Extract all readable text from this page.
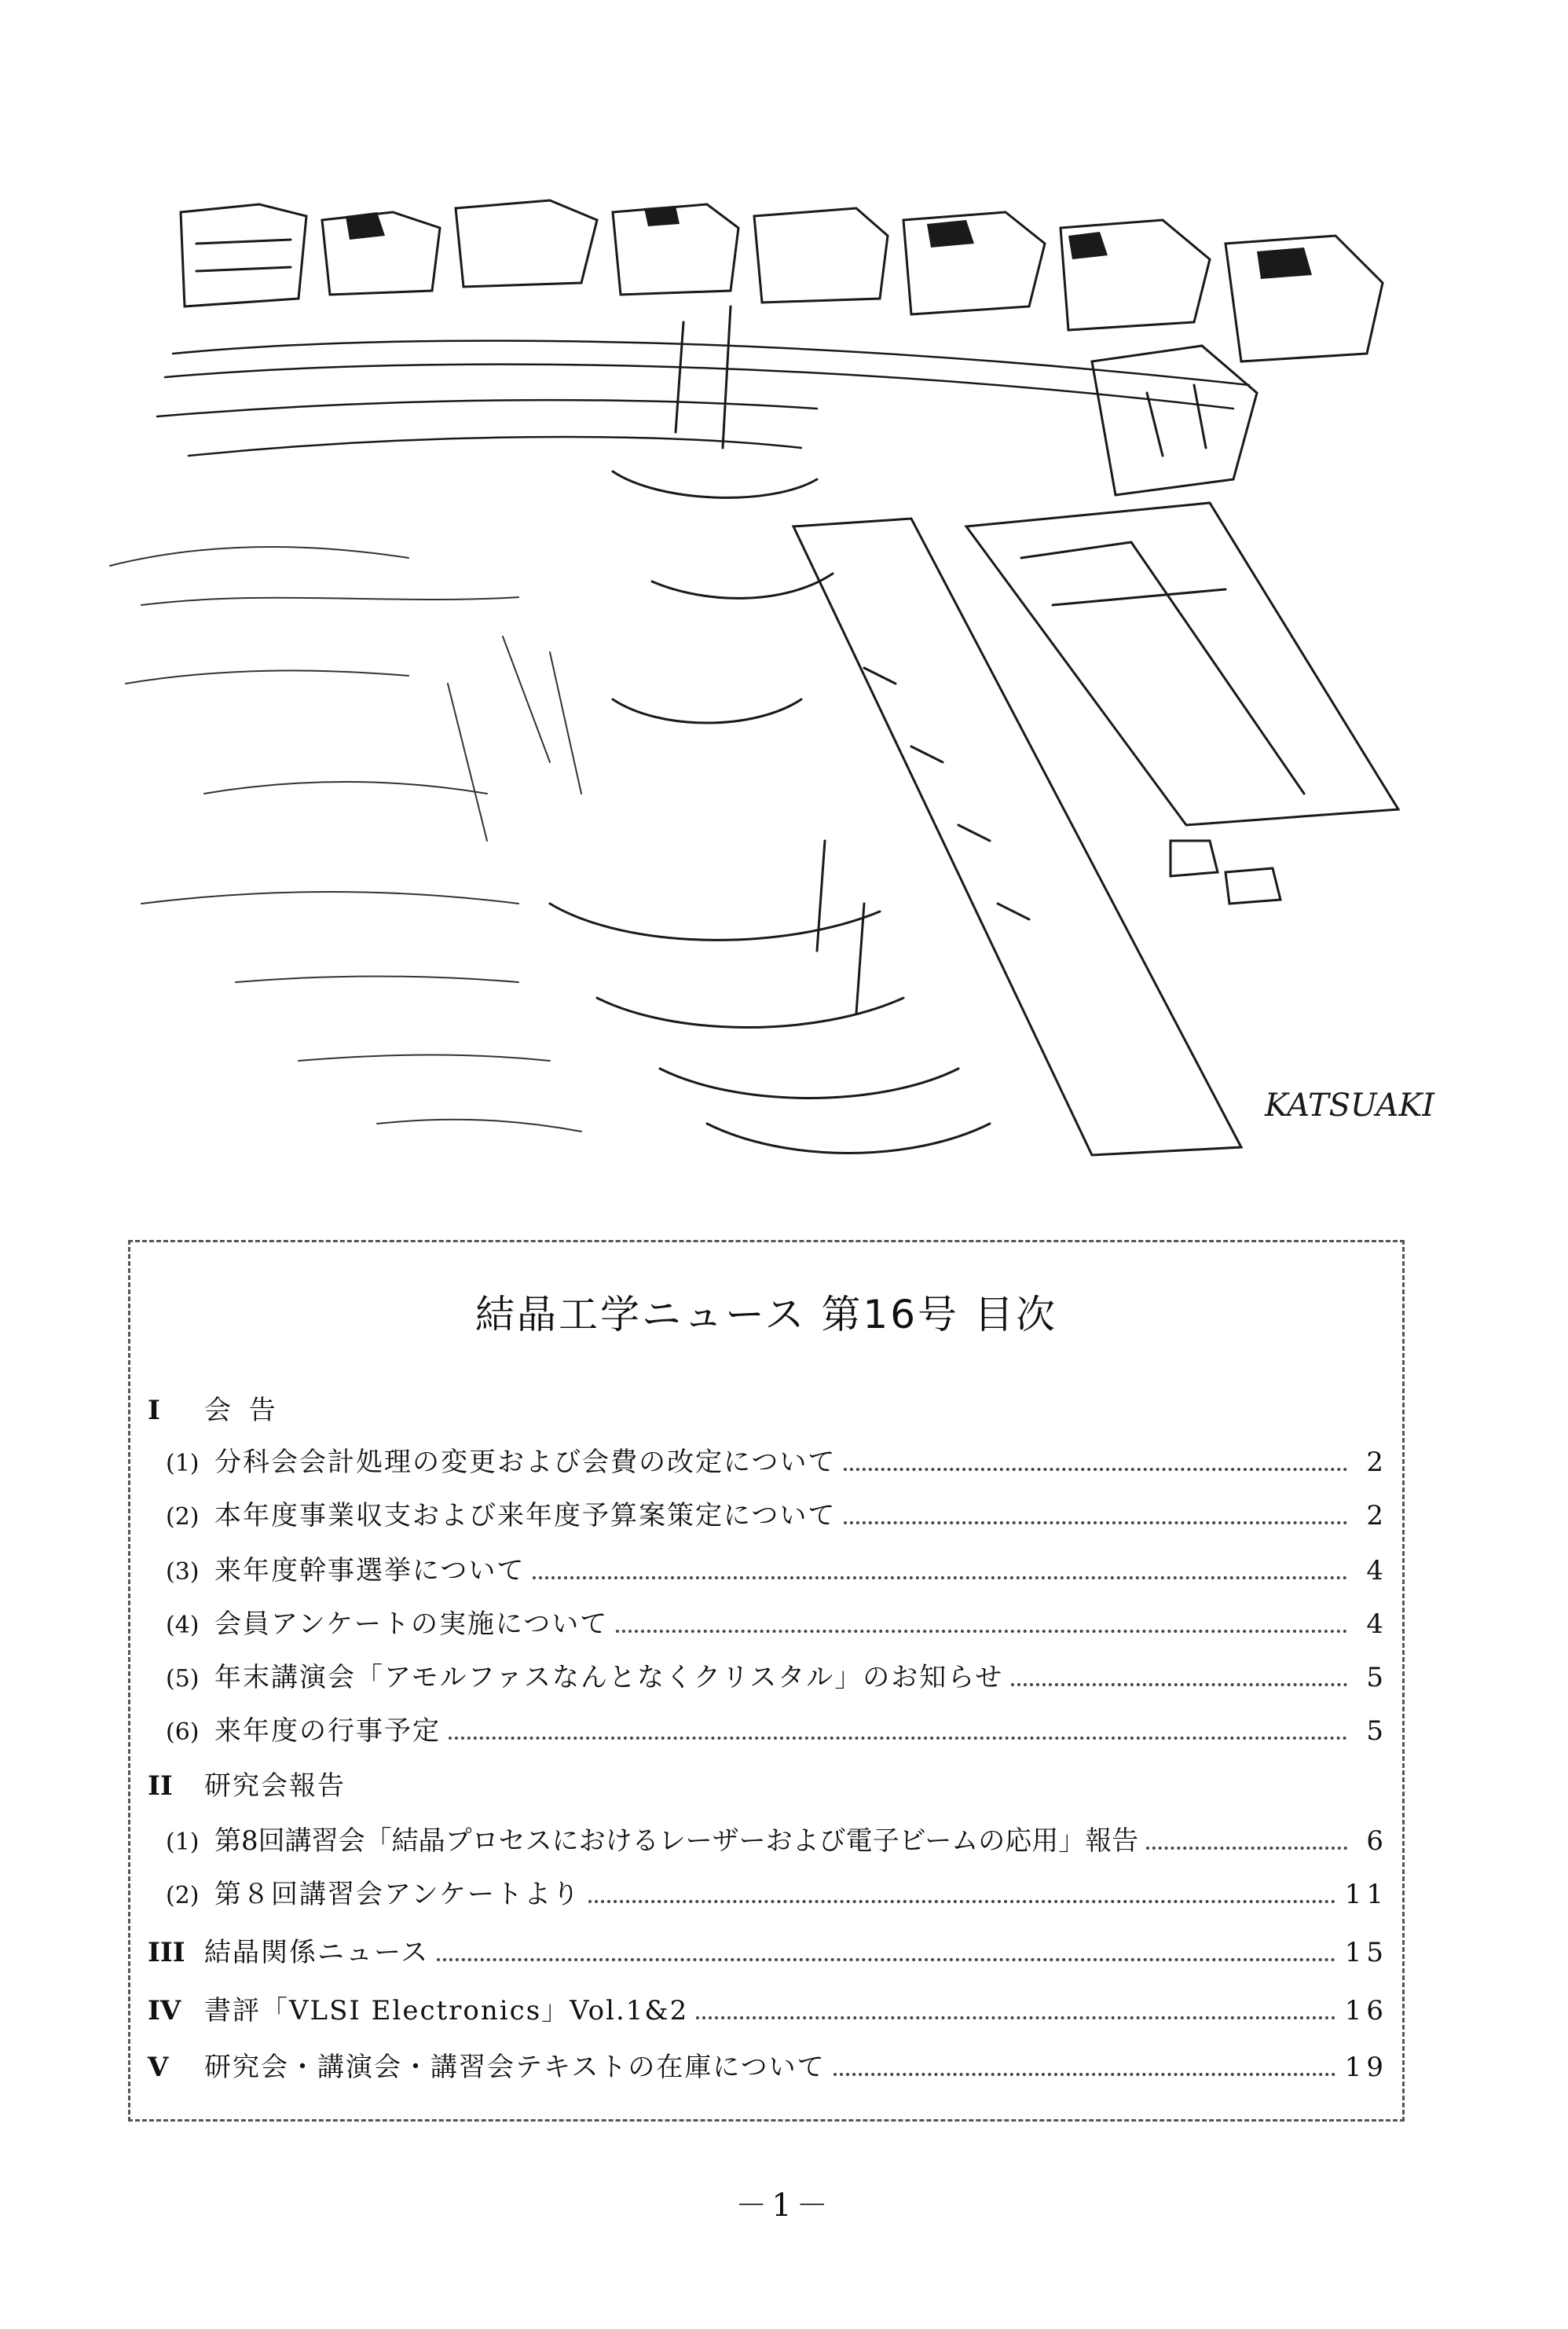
KATSUAKI
結晶工学ニュース 第16号 目次
I 会 告
(1) 分科会会計処理の変更および会費の改定について	2
(2) 本年度事業収支および来年度予算案策定について	2
(3) 来年度幹事選挙について	4
(4) 会員アンケートの実施について	4
(5) 年末講演会「アモルファスなんとなくクリスタル」のお知らせ	5
(6) 来年度の行事予定	5
II 研究会報告
(1) 第8回講習会「結晶プロセスにおけるレーザーおよび電子ビームの応用」報告	6
(2) 第８回講習会アンケートより	11
III 結晶関係ニュース	15
IV 書評「VLSI Electronics」Vol.1&2	16
V	研究会・講演会・講習会テキストの在庫について	19
－1－
